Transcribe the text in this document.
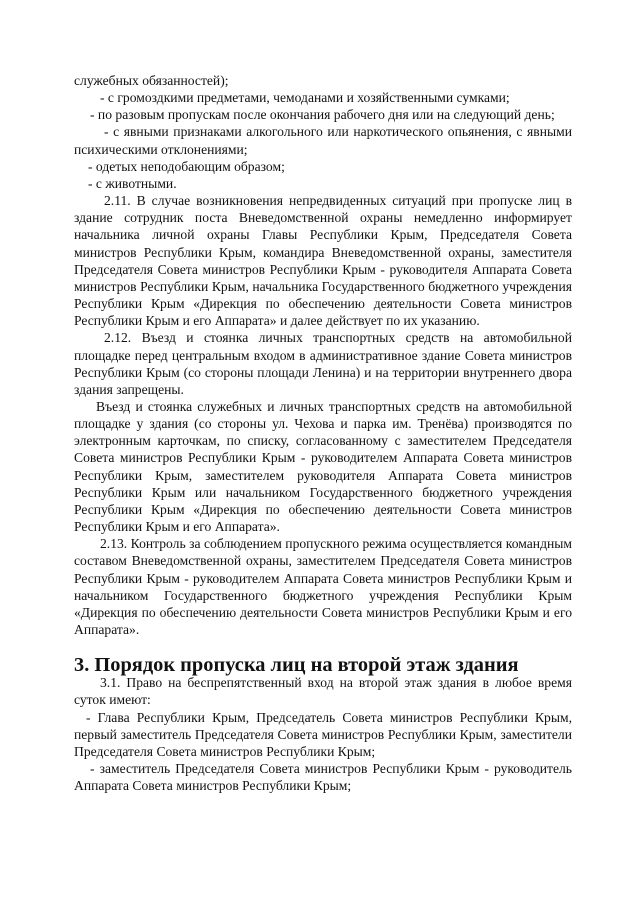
служебных обязанностей);

- с громоздкими предметами, чемоданами и хозяйственными сумками;

- по разовым пропускам после окончания рабочего дня или на следующий день;

- с явными признаками алкогольного или наркотического опьянения, с явными психическими отклонениями;

- одетых неподобающим образом;

- с животными.

2.11. В случае возникновения непредвиденных ситуаций при пропуске лиц в здание сотрудник поста Вневедомственной охраны немедленно информирует начальника личной охраны Главы Республики Крым, Председателя Совета министров Республики Крым, командира Вневедомственной охраны, заместителя Председателя Совета министров Республики Крым - руководителя Аппарата Совета министров Республики Крым, начальника Государственного бюджетного учреждения Республики Крым «Дирекция по обеспечению деятельности Совета министров Республики Крым и его Аппарата» и далее действует по их указанию.

2.12. Въезд и стоянка личных транспортных средств на автомобильной площадке перед центральным входом в административное здание Совета министров Республики Крым (со стороны площади Ленина) и на территории внутреннего двора здания запрещены.

Въезд и стоянка служебных и личных транспортных средств на автомобильной площадке у здания (со стороны ул. Чехова и парка им. Тренёва) производятся по электронным карточкам, по списку, согласованному с заместителем Председателя Совета министров Республики Крым - руководителем Аппарата Совета министров Республики Крым, заместителем руководителя Аппарата Совета министров Республики Крым или начальником Государственного бюджетного учреждения Республики Крым «Дирекция по обеспечению деятельности Совета министров Республики Крым и его Аппарата».

2.13. Контроль за соблюдением пропускного режима осуществляется командным составом Вневедомственной охраны, заместителем Председателя Совета министров Республики Крым - руководителем Аппарата Совета министров Республики Крым и начальником Государственного бюджетного учреждения Республики Крым «Дирекция по обеспечению деятельности Совета министров Республики Крым и его Аппарата».

3. Порядок пропуска лиц на второй этаж здания

3.1. Право на беспрепятственный вход на второй этаж здания в любое время суток имеют:

- Глава Республики Крым, Председатель Совета министров Республики Крым, первый заместитель Председателя Совета министров Республики Крым, заместители Председателя Совета министров Республики Крым;

- заместитель Председателя Совета министров Республики Крым - руководитель Аппарата Совета министров Республики Крым;
